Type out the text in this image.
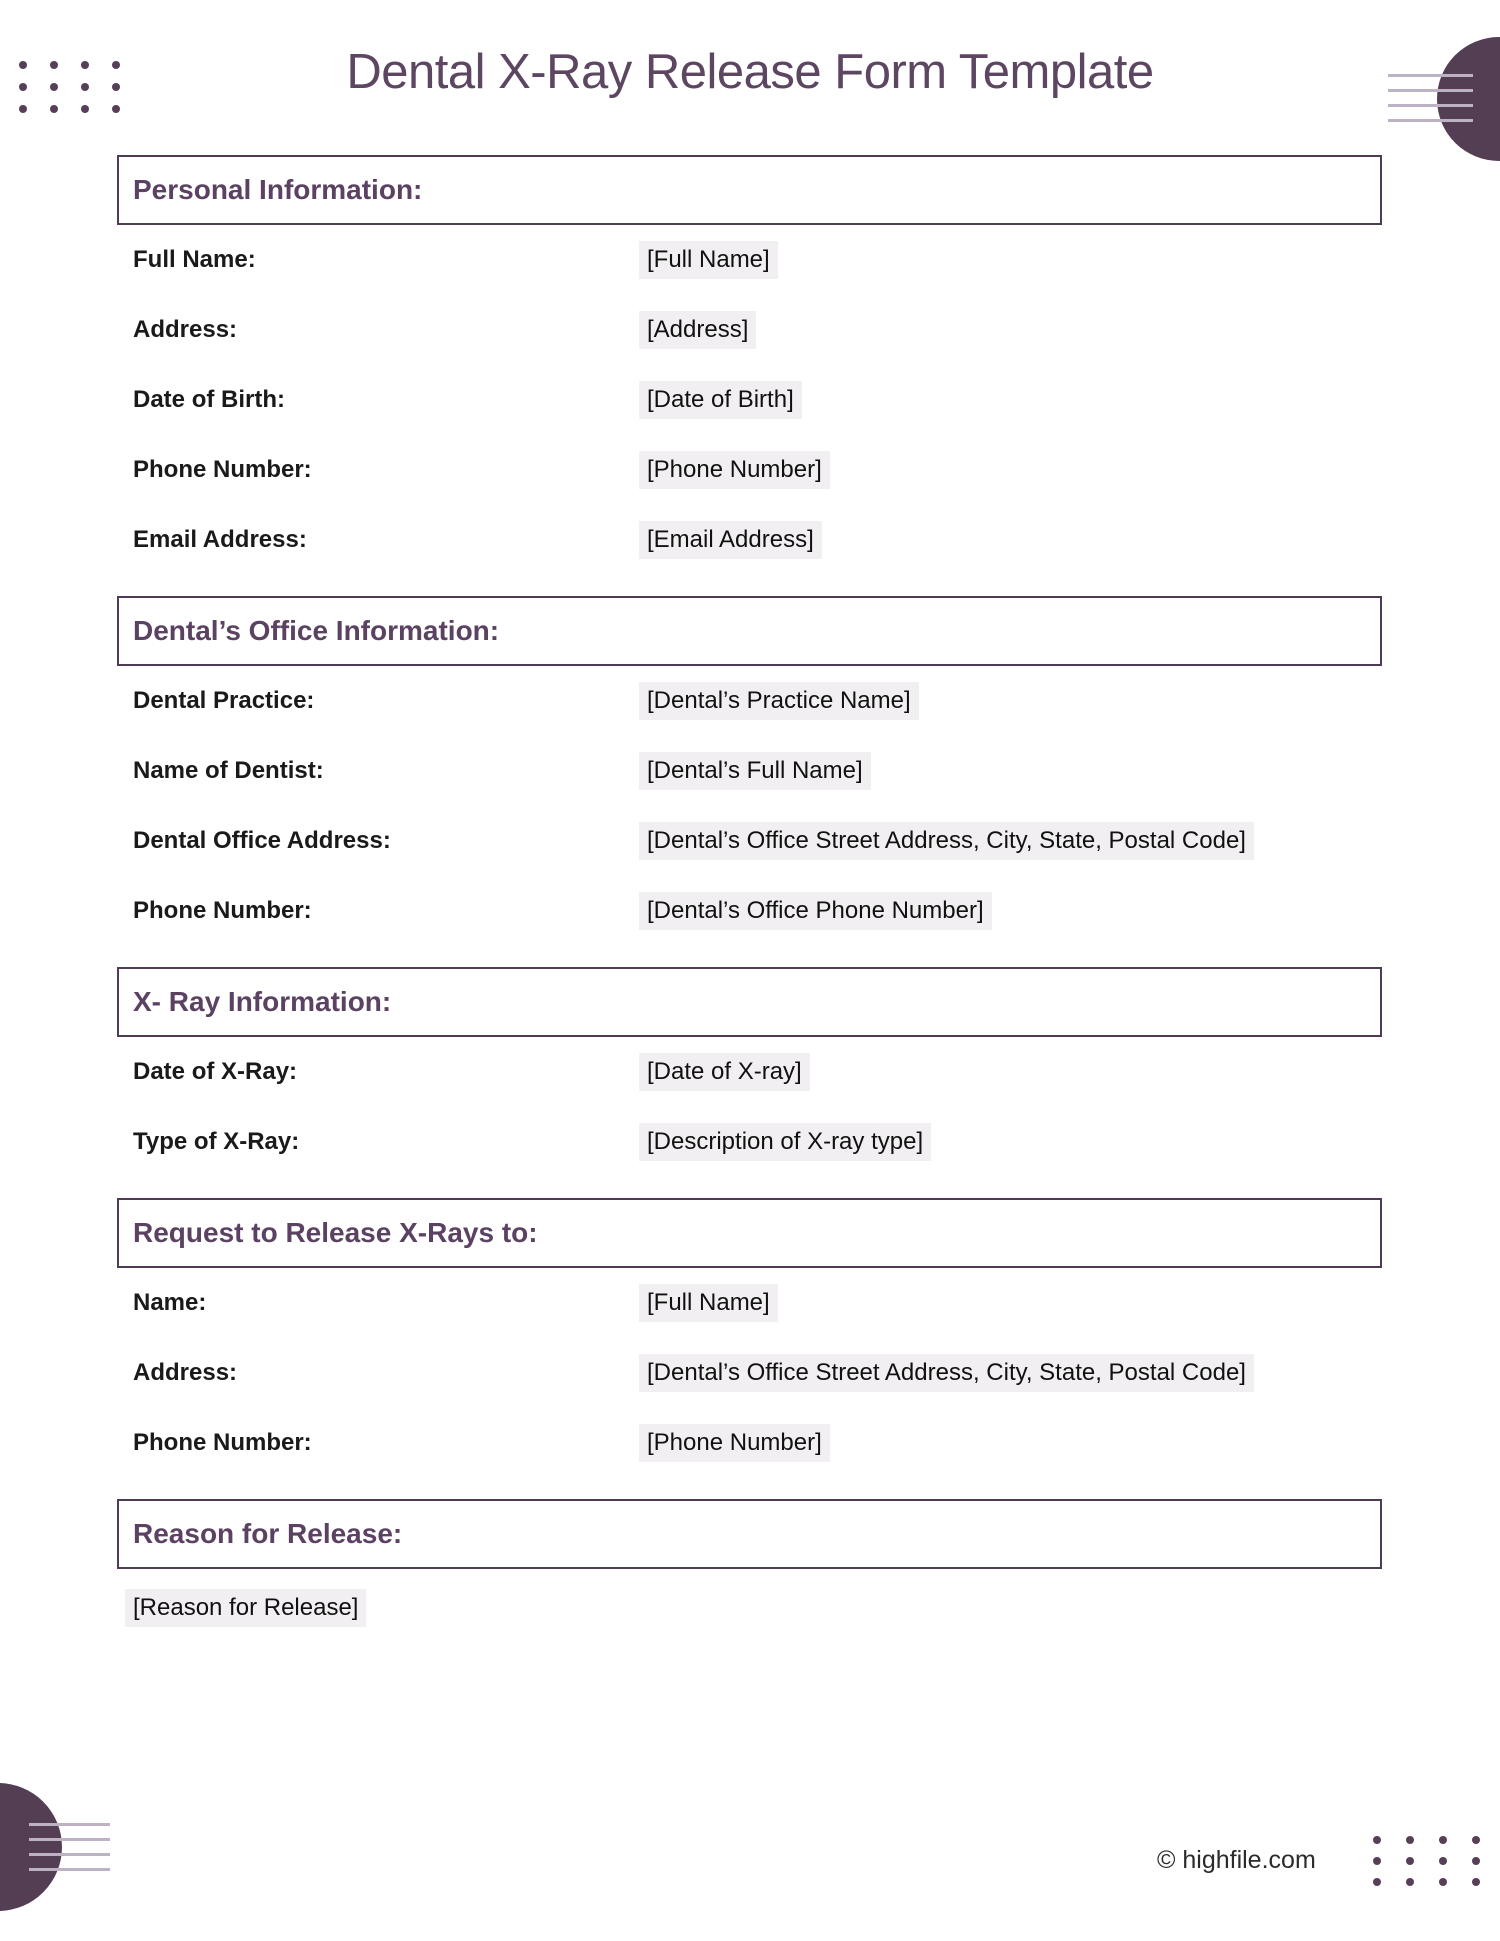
Dental X-Ray Release Form Template
Personal Information:
Full Name:	[Full Name]
Address:	[Address]
Date of Birth:	[Date of Birth]
Phone Number:	[Phone Number]
Email Address:	[Email Address]
Dental’s Office Information:
Dental Practice:	[Dental’s Practice Name]
Name of Dentist:	[Dental’s Full Name]
Dental Office Address:	[Dental’s Office Street Address, City, State, Postal Code]
Phone Number:	[Dental’s Office Phone Number]
X- Ray Information:
Date of X-Ray:	[Date of X-ray]
Type of X-Ray:	[Description of X-ray type]
Request to Release X-Rays to:
Name:	[Full Name]
Address:	[Dental’s Office Street Address, City, State, Postal Code]
Phone Number:	[Phone Number]
Reason for Release:
[Reason for Release]
© highfile.com
